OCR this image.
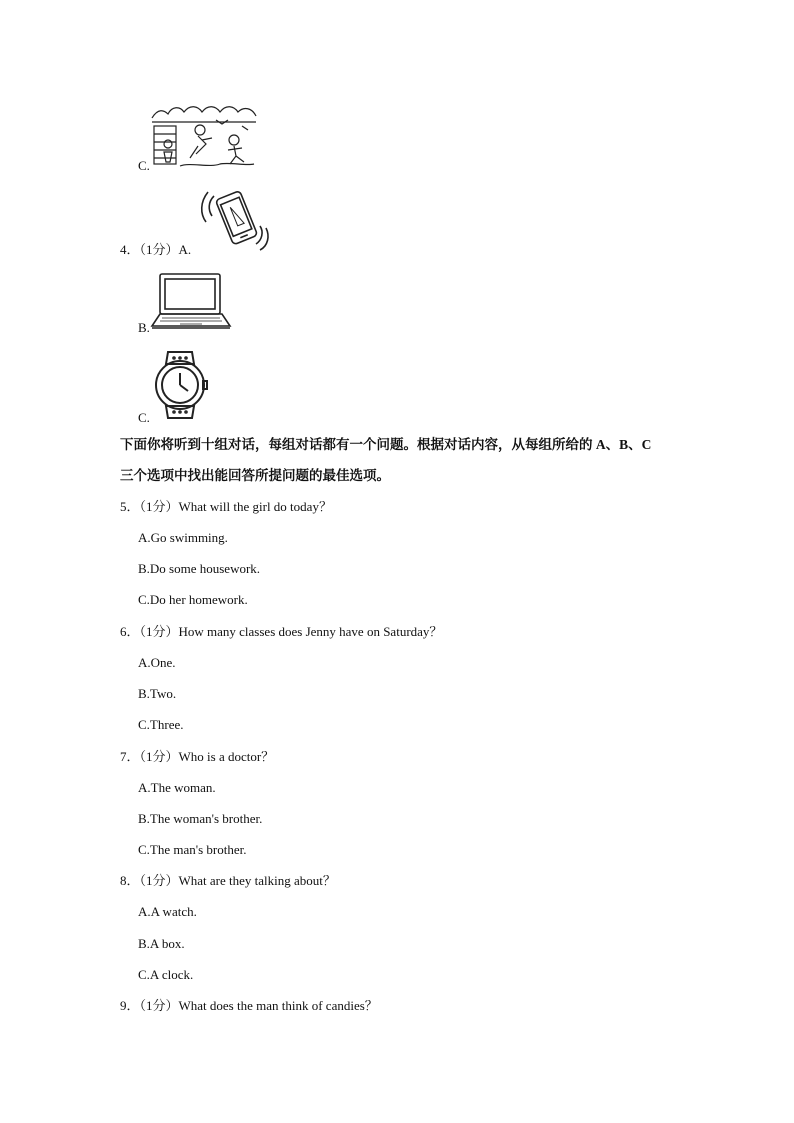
C.
4．（1分）A.
B.
C.
下面你将听到十组对话，每组对话都有一个问题。根据对话内容，从每组所给的 A、B、C
三个选项中找出能回答所提问题的最佳选项。
5．（1分）What will the girl do today？
A.Go swimming.
B.Do some housework.
C.Do her homework.
6．（1分）How many classes does Jenny have on Saturday？
A.One.
B.Two.
C.Three.
7．（1分）Who is a doctor？
A.The woman.
B.The woman's brother.
C.The man's brother.
8．（1分）What are they talking about？
A.A watch.
B.A box.
C.A clock.
9．（1分）What does the man think of candies？
